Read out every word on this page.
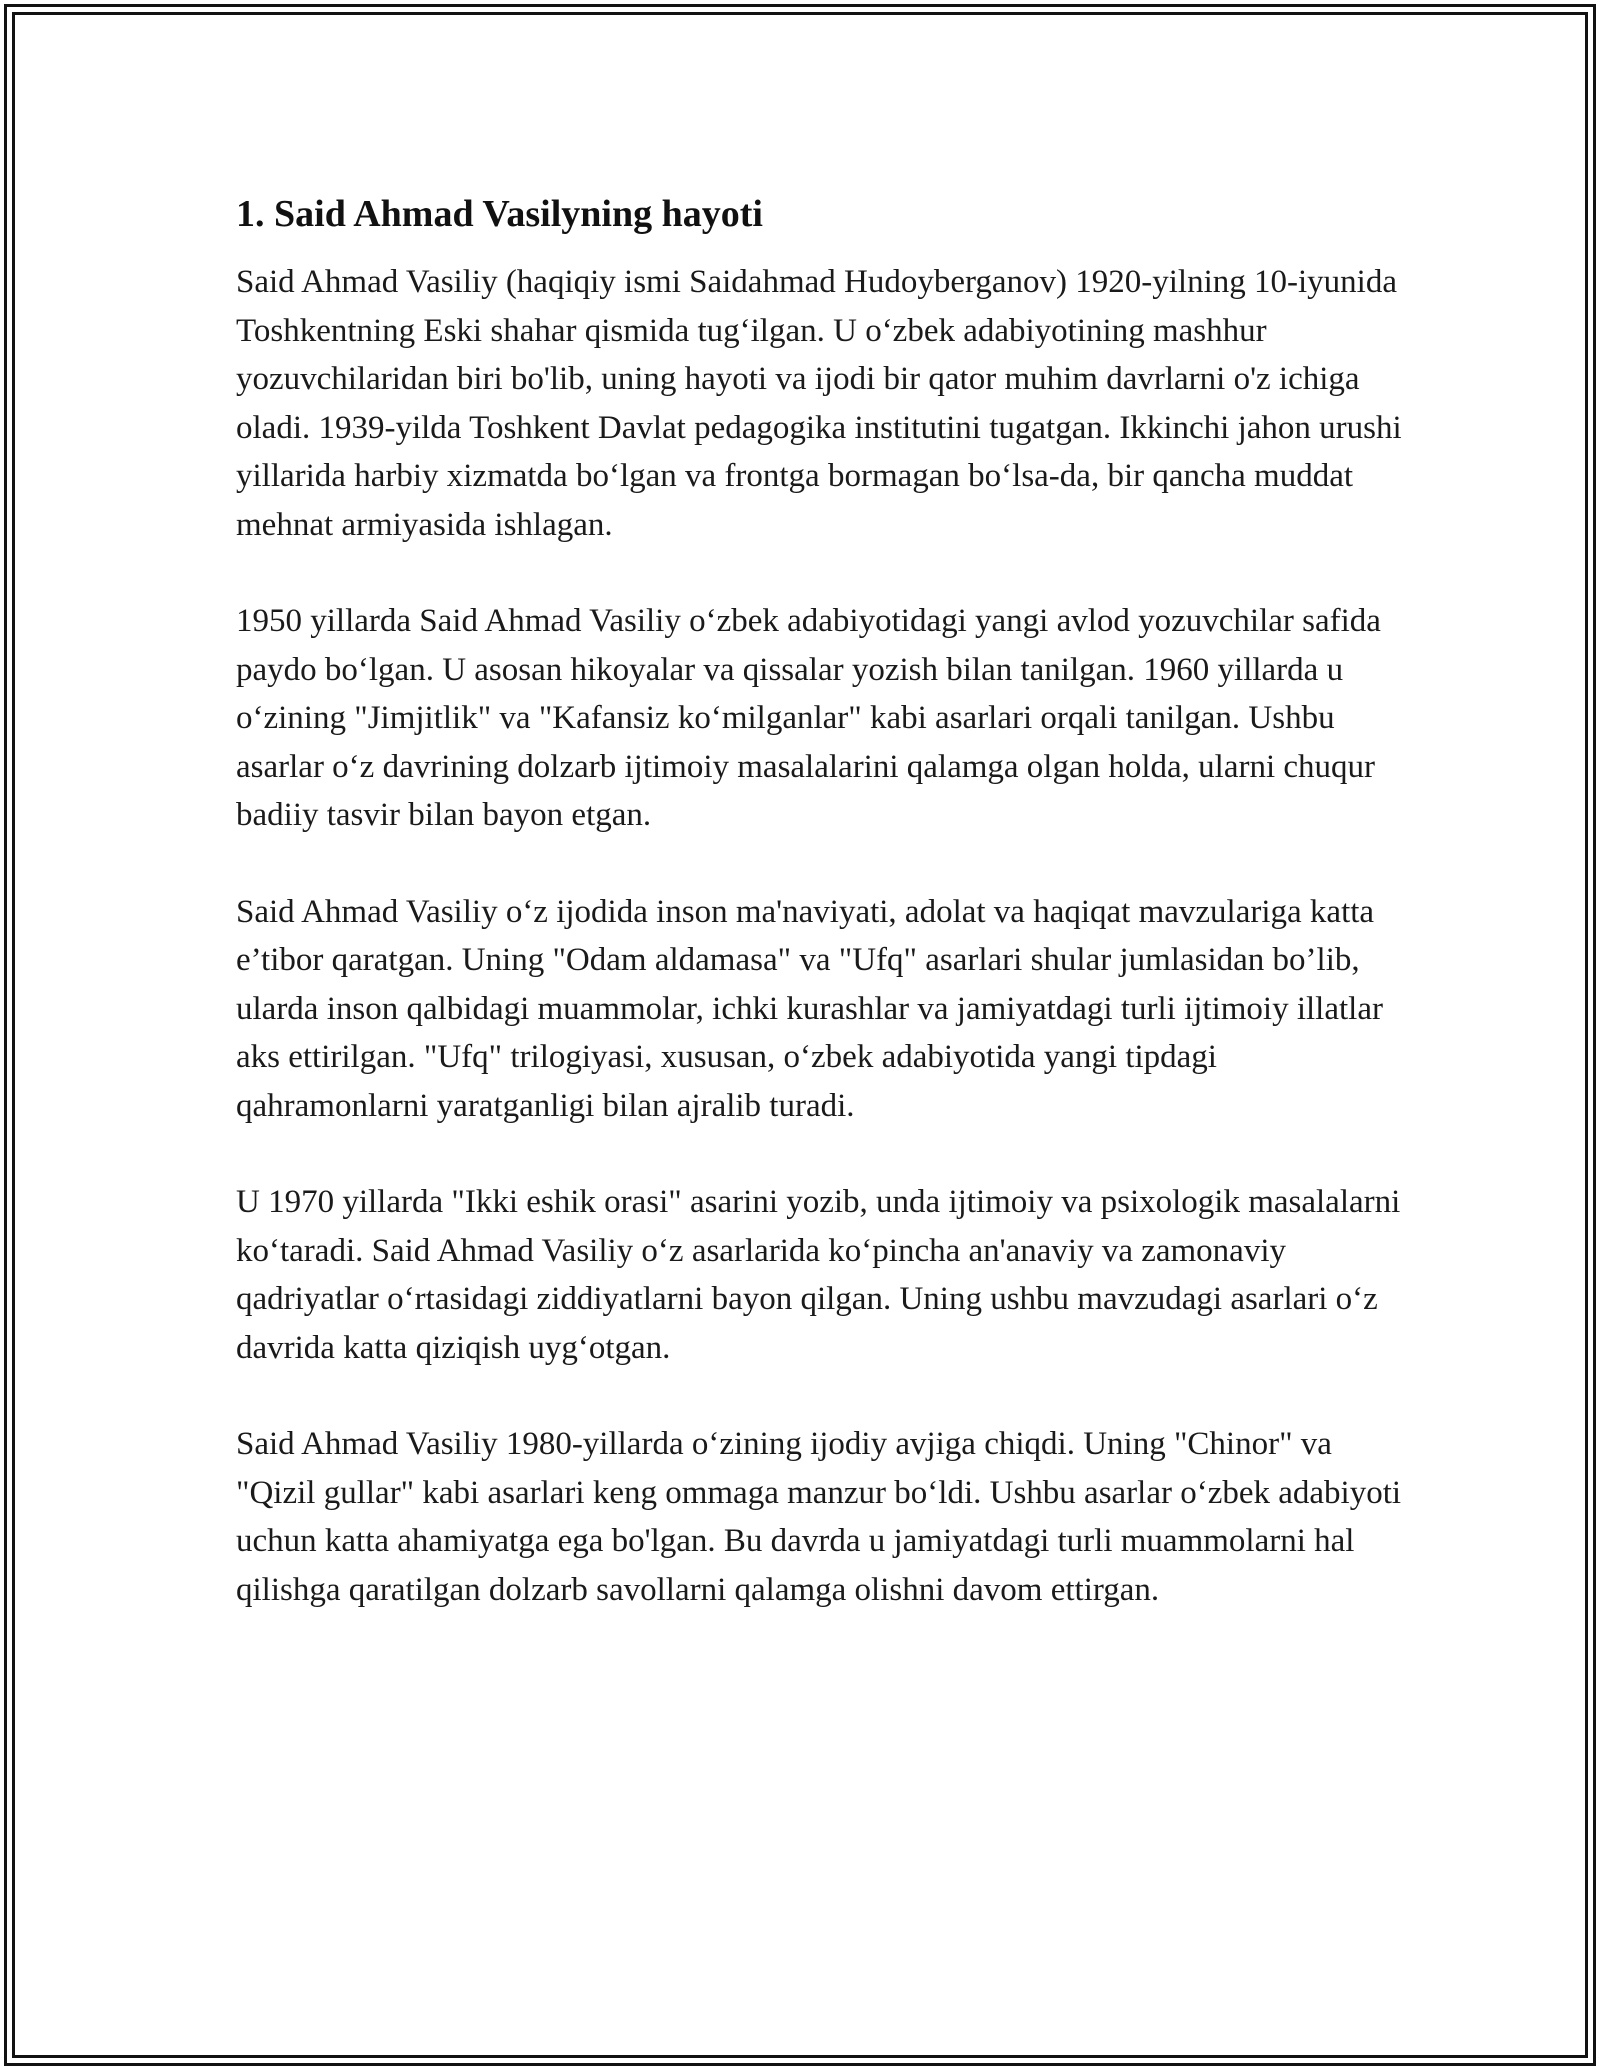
1. Said Ahmad Vasilyning hayoti

Said Ahmad Vasiliy (haqiqiy ismi Saidahmad Hudoyberganov) 1920-yilning 10-iyunida Toshkentning Eski shahar qismida tug‘ilgan. U o‘zbek adabiyotining mashhur yozuvchilaridan biri bo'lib, uning hayoti va ijodi bir qator muhim davrlarni o'z ichiga oladi. 1939-yilda Toshkent Davlat pedagogika institutini tugatgan. Ikkinchi jahon urushi yillarida harbiy xizmatda bo‘lgan va frontga bormagan bo‘lsa-da, bir qancha muddat mehnat armiyasida ishlagan.

1950 yillarda Said Ahmad Vasiliy o‘zbek adabiyotidagi yangi avlod yozuvchilar safida paydo bo‘lgan. U asosan hikoyalar va qissalar yozish bilan tanilgan. 1960 yillarda u o‘zining "Jimjitlik" va "Kafansiz ko‘milganlar" kabi asarlari orqali tanilgan. Ushbu asarlar o‘z davrining dolzarb ijtimoiy masalalarini qalamga olgan holda, ularni chuqur badiiy tasvir bilan bayon etgan.

Said Ahmad Vasiliy o‘z ijodida inson ma'naviyati, adolat va haqiqat mavzulariga katta e’tibor qaratgan. Uning "Odam aldamasa" va "Ufq" asarlari shular jumlasidan bo’lib, ularda inson qalbidagi muammolar, ichki kurashlar va jamiyatdagi turli ijtimoiy illatlar aks ettirilgan. "Ufq" trilogiyasi, xususan, o‘zbek adabiyotida yangi tipdagi qahramonlarni yaratganligi bilan ajralib turadi.

U 1970 yillarda "Ikki eshik orasi" asarini yozib, unda ijtimoiy va psixologik masalalarni ko‘taradi. Said Ahmad Vasiliy o‘z asarlarida ko‘pincha an'anaviy va zamonaviy qadriyatlar o‘rtasidagi ziddiyatlarni bayon qilgan. Uning ushbu mavzudagi asarlari o‘z davrida katta qiziqish uyg‘otgan.

Said Ahmad Vasiliy 1980-yillarda o‘zining ijodiy avjiga chiqdi. Uning "Chinor" va "Qizil gullar" kabi asarlari keng ommaga manzur bo‘ldi. Ushbu asarlar o‘zbek adabiyoti uchun katta ahamiyatga ega bo'lgan. Bu davrda u jamiyatdagi turli muammolarni hal qilishga qaratilgan dolzarb savollarni qalamga olishni davom ettirgan.
